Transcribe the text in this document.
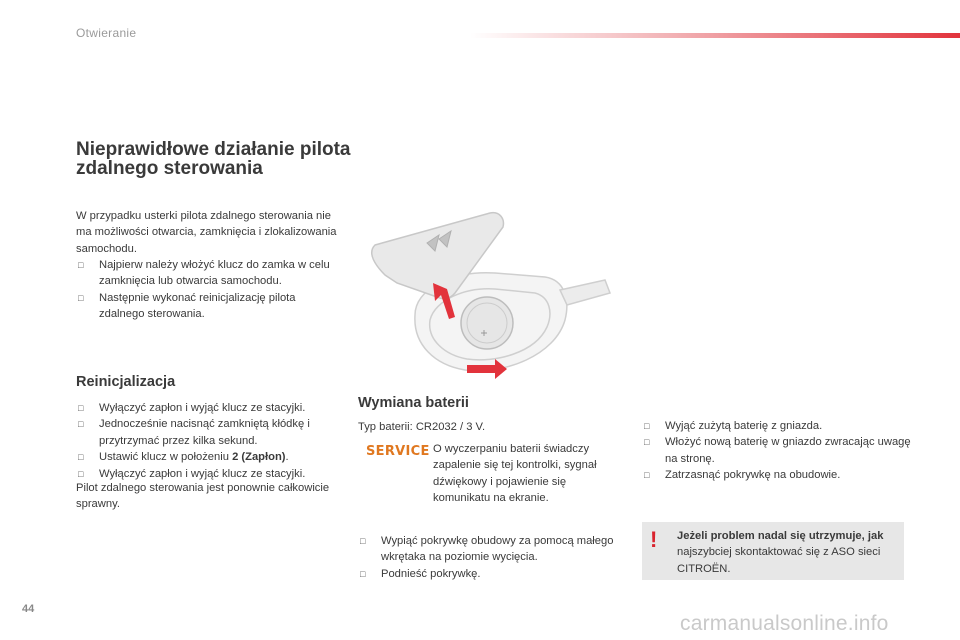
Otwieranie
Nieprawidłowe działanie pilota zdalnego sterowania
W przypadku usterki pilota zdalnego sterowania nie ma możliwości otwarcia, zamknięcia i zlokalizowania samochodu.
□ Najpierw należy włożyć klucz do zamka w celu zamknięcia lub otwarcia samochodu.
□ Następnie wykonać reinicjalizację pilota zdalnego sterowania.
Reinicjalizacja
□ Wyłączyć zapłon i wyjąć klucz ze stacyjki.
□ Jednocześnie nacisnąć zamkniętą kłódkę i przytrzymać przez kilka sekund.
□ Ustawić klucz w położeniu 2 (Zapłon).
□ Wyłączyć zapłon i wyjąć klucz ze stacyjki.
Pilot zdalnego sterowania jest ponownie całkowicie sprawny.
Wymiana baterii
Typ baterii: CR2032 / 3 V.
SERVICE O wyczerpaniu baterii świadczy zapalenie się tej kontrolki, sygnał dźwiękowy i pojawienie się komunikatu na ekranie.
□ Wypiąć pokrywkę obudowy za pomocą małego wkrętaka na poziomie wycięcia.
□ Podnieść pokrywkę.
□ Wyjąć zużytą baterię z gniazda.
□ Włożyć nową baterię w gniazdo zwracając uwagę na stronę.
□ Zatrzasnąć pokrywkę na obudowie.
! Jeżeli problem nadal się utrzymuje, jak
najszybciej skontaktować się z ASO sieci CITROËN.
44
carmanualsonline.info
